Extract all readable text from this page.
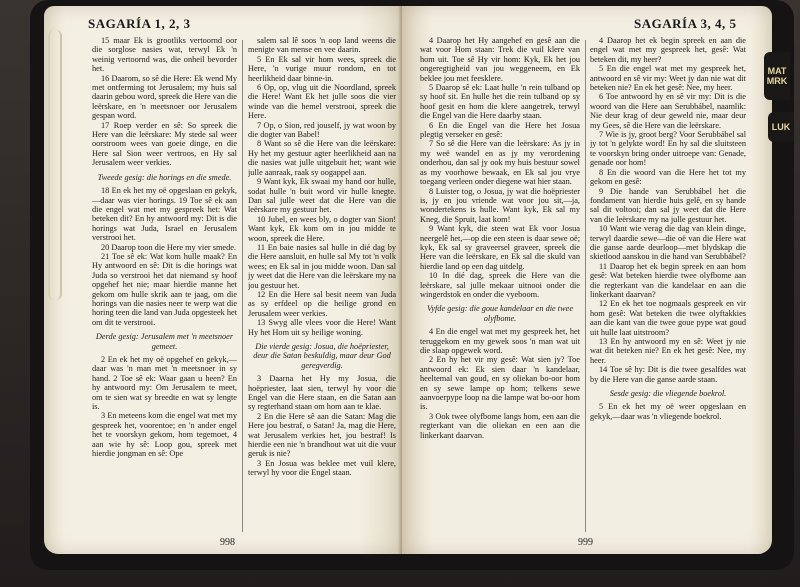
SAGARÍA 1, 2, 3

15 maar Ek is grootliks vertoornd oor die sorglose nasies wat, terwyl Ek 'n weinig vertoornd was, die onheil bevorder het.

16 Daarom, so sê die Here: Ek wend My met ontferming tot Jerusalem; my huis sal daarin gebou word, spreek die Here van die leërskare, en 'n meetsnoer oor Jerusalem gespan word.

17 Roep verder en sê: So spreek die Here van die leërskare: My stede sal weer oorstroom wees van goeie dinge, en die Here sal Sion weer vertroos, en Hy sal Jerusalem weer verkies.

Tweede gesig: die horings en die smede.

18 En ek het my oë opgeslaan en gekyk,—daar was vier horings. 19 Toe sê ek aan die engel wat met my gespreek het: Wat beteken dit? En hy antwoord my: Dit is die horings wat Juda, Israel en Jerusalem verstrooi het.

20 Daarop toon die Here my vier smede.

21 Toe sê ek: Wat kom hulle maak? En Hy antwoord en sê: Dit is die horings wat Juda so verstrooi het dat niemand sy hoof opgehef het nie; maar hierdie manne het gekom om hulle skrik aan te jaag, om die horings van die nasies neer te werp wat die horing teen die land van Juda opgesteek het om dit te verstrooi.

Derde gesig: Jerusalem met 'n meetsnoer gemeet.

2 En ek het my oë opgehef en gekyk,—daar was 'n man met 'n meetsnoer in sy hand. 2 Toe sê ek: Waar gaan u heen? En hy antwoord my: Om Jerusalem te meet, om te sien wat sy breedte en wat sy lengte is.

3 En meteens kom die engel wat met my gespreek het, voorentoe; en 'n ander engel het te voorskyn gekom, hom tegemoet, 4 aan wie hy sê: Loop gou, spreek met hierdie jongman en sê: Ope

salem sal lê soos 'n oop land weens die menigte van mense en vee daarin.

5 En Ek sal vir hom wees, spreek die Here, 'n vurige muur rondom, en tot heerlikheid daar binne-in.

6 Op, op, vlug uit die Noordland, spreek die Here! Want Ek het julle soos die vier winde van die hemel verstrooi, spreek die Here.

7 Op, o Sion, red jouself, jy wat woon by die dogter van Babel!

8 Want so sê die Here van die leërskare: Hy het my gestuur agter heerlikheid aan na die nasies wat julle uitgebuit het; want wie julle aanraak, raak sy oogappel aan.

9 Want kyk, Ek swaai my hand oor hulle, sodat hulle 'n buit word vir hulle knegte. Dan sal julle weet dat die Here van die leërskare my gestuur het.

10 Jubel, en wees bly, o dogter van Sion! Want kyk, Ek kom om in jou midde te woon, spreek die Here.

11 En baie nasies sal hulle in dié dag by die Here aansluit, en hulle sal My tot 'n volk wees; en Ek sal in jou midde woon. Dan sal jy weet dat die Here van die leërskare my na jou gestuur het.

12 En die Here sal besit neem van Juda as sy erfdeel op die heilige grond en Jerusalem weer verkies.

13 Swyg alle vlees voor die Here! Want Hy het Hom uit sy heilige woning.

Die vierde gesig: Josua, die hoëpriester, deur die Satan beskuldig, maar deur God geregverdig.

3 Daarna het Hy my Josua, die hoëpriester, laat sien, terwyl hy voor die Engel van die Here staan, en die Satan aan sy regterhand staan om hom aan te klae.

2 En die Here sê aan die Satan: Mag die Here jou bestraf, o Satan! Ja, mag die Here, wat Jerusalem verkies het, jou bestraf! Is hierdie een nie 'n brandhout wat uit die vuur geruk is nie?

3 En Josua was beklee met vuil klere, terwyl hy voor die Engel staan.

998
SAGARÍA 3, 4, 5

4 Daarop het Hy aangehef en gesê aan die wat voor Hom staan: Trek die vuil klere van hom uit. Toe sê Hy vir hom: Kyk, Ek het jou ongeregtigheid van jou weggeneem, en Ek beklee jou met feesklere.

5 Daarop sê ek: Laat hulle 'n rein tulband op sy hoof sit. En hulle het die rein tulband op sy hoof gesit en hom die klere aangetrek, terwyl die Engel van die Here daarby staan.

6 En die Engel van die Here het Josua plegtig verseker en gesê:

7 So sê die Here van die leërskare: As jy in my weë wandel en as jy my verordening onderhou, dan sal jy ook my huis bestuur sowel as my voorhowe bewaak, en Ek sal jou vrye toegang verleen onder diegene wat hier staan.

8 Luister tog, o Josua, jy wat die hoëpriester is, jy en jou vriende wat voor jou sit,—ja, wondertekens is hulle. Want kyk, Ek sal my Kneg, die Spruit, laat kom!

9 Want kyk, die steen wat Ek voor Josua neergelê het,—op die een steen is daar sewe oë; kyk, Ek sal sy graveersel graveer, spreek die Here van die leërskare, en Ek sal die skuld van hierdie land op een dag uitdelg.

10 In dié dag, spreek die Here van die leërskare, sal julle mekaar uitnooi onder die wingerdstok en onder die vyeboom.

Vyfde gesig: die goue kandelaar en die twee olyfbome.

4 En die engel wat met my gespreek het, het teruggekom en my gewek soos 'n man wat uit die slaap opgewek word.

2 En hy het vir my gesê: Wat sien jy? Toe antwoord ek: Ek sien daar 'n kandelaar, heeltemal van goud, en sy oliekan bo-oor hom en sy sewe lampe op hom; telkens sewe aanvoerpype loop na die lampe wat bo-oor hom is.

3 Ook twee olyfbome langs hom, een aan die regterkant van die oliekan en een aan die linkerkant daarvan.

4 Daarop het ek begin spreek en aan die engel wat met my gespreek het, gesê: Wat beteken dit, my heer?

5 En die engel wat met my gespreek het, antwoord en sê vir my: Weet jy dan nie wat dit beteken nie? En ek het gesê: Nee, my heer.

6 Toe antwoord hy en sê vir my: Dit is die woord van die Here aan Serubbábel, naamlik: Nie deur krag of deur geweld nie, maar deur my Gees, sê die Here van die leërskare.

7 Wie is jy, groot berg? Voor Serubbábel sal jy tot 'n gelykte word! En hy sal die sluitsteen te voorskyn bring onder uitroepe van: Genade, genade oor hom!

8 En die woord van die Here het tot my gekom en gesê:

9 Die hande van Serubbábel het die fondament van hierdie huis gelê, en sy hande sal dit voltooi; dan sal jy weet dat die Here van die leërskare my na julle gestuur het.

10 Want wie verag die dag van klein dinge, terwyl daardie sewe—die oë van die Here wat die ganse aarde deurloop—met blydskap die skietlood aanskou in die hand van Serubbábel?

11 Daarop het ek begin spreek en aan hom gesê: Wat beteken hierdie twee olyfbome aan die regterkant van die kandelaar en aan die linkerkant daarvan?

12 En ek het toe nogmaals gespreek en vir hom gesê: Wat beteken die twee olyftakkies aan die kant van die twee goue pype wat goud uit hulle laat uitstroom?

13 En hy antwoord my en sê: Weet jy nie wat dit beteken nie? En ek het gesê: Nee, my heer.

14 Toe sê hy: Dit is die twee gesalfdes wat by die Here van die ganse aarde staan.

Sesde gesig: die vliegende boekrol.

5 En ek het my oë weer opgeslaan en gekyk,—daar was 'n vliegende boekrol.

999
MAT MRK
LUK
